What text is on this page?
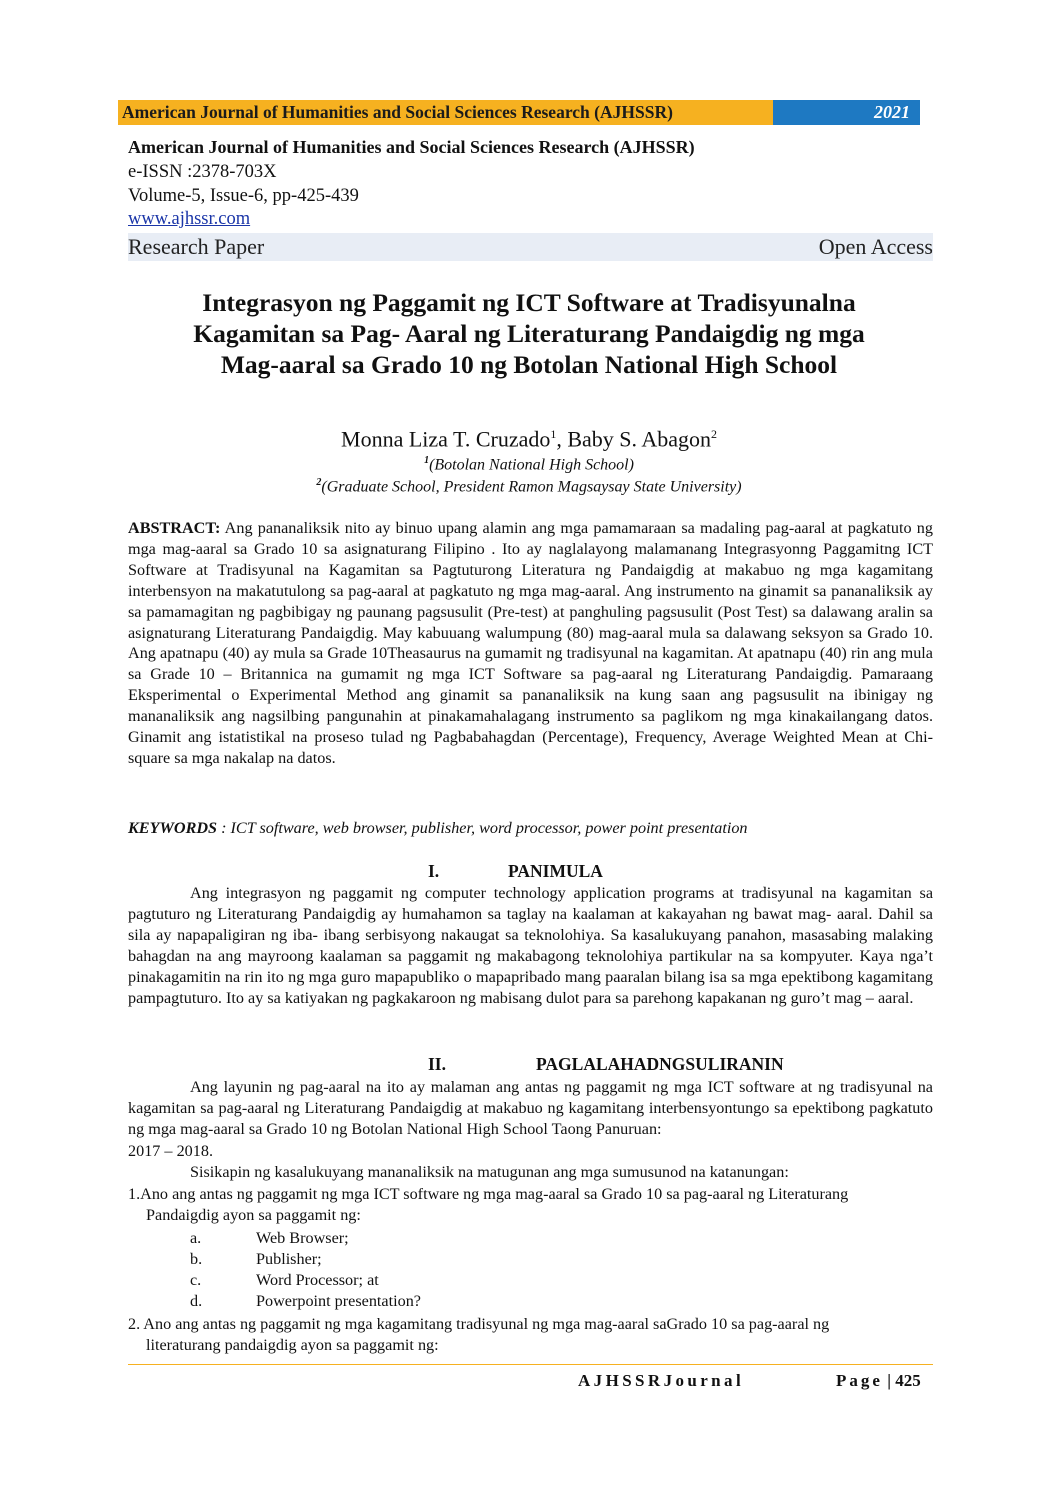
American Journal of Humanities and Social Sciences Research (AJHSSR)	2021
American Journal of Humanities and Social Sciences Research (AJHSSR)
e-ISSN :2378-703X
Volume-5, Issue-6, pp-425-439
www.ajhssr.com
Research Paper	Open Access
Integrasyon ng Paggamit ng ICT Software at Tradisyunalna
Kagamitan sa Pag- Aaral ng Literaturang Pandaigdig ng mga
Mag-aaral sa Grado 10 ng Botolan National High School
Monna Liza T. Cruzado$^1$, Baby S. Abagon$^2$
$^1$(Botolan National High School)
$^2$(Graduate School, President Ramon Magsaysay State University)
ABSTRACT: Ang pananaliksik nito ay binuo upang alamin ang mga pamamaraan sa madaling pag-aaral at pagkatuto ng mga mag-aaral sa Grado 10 sa asignaturang Filipino . Ito ay naglalayong malamanang Integrasyonng Paggamitng ICT Software at Tradisyunal na Kagamitan sa Pagtuturong Literatura ng Pandaigdig at makabuo ng mga kagamitang interbensyon na makatutulong sa pag-aaral at pagkatuto ng mga mag-aaral. Ang instrumento na ginamit sa pananaliksik ay sa pamamagitan ng pagbibigay ng paunang pagsusulit (Pre-test) at panghuling pagsusulit (Post Test) sa dalawang aralin sa asignaturang Literaturang Pandaigdig. May kabuuang walumpung (80) mag-aaral mula sa dalawang seksyon sa Grado 10. Ang apatnapu (40) ay mula sa Grade 10Theasaurus na gumamit ng tradisyunal na kagamitan. At apatnapu (40) rin ang mula sa Grade 10 – Britannica na gumamit ng mga ICT Software sa pag-aaral ng Literaturang Pandaigdig. Pamaraang Eksperimental o Experimental Method ang ginamit sa pananaliksik na kung saan ang pagsusulit na ibinigay ng mananaliksik ang nagsilbing pangunahin at pinakamahalagang instrumento sa paglikom ng mga kinakailangang datos. Ginamit ang istatistikal na proseso tulad ng Pagbabahagdan (Percentage), Frequency, Average Weighted Mean at Chi-square sa mga nakalap na datos.
KEYWORDS : ICT software, web browser, publisher, word processor, power point presentation
I.	PANIMULA
Ang integrasyon ng paggamit ng computer technology application programs at tradisyunal na kagamitan sa pagtuturo ng Literaturang Pandaigdig ay humahamon sa taglay na kaalaman at kakayahan ng bawat mag- aaral. Dahil sa sila ay napapaligiran ng iba- ibang serbisyong nakaugat sa teknolohiya. Sa kasalukuyang panahon, masasabing malaking bahagdan na ang mayroong kaalaman sa paggamit ng makabagong teknolohiya partikular na sa kompyuter. Kaya nga’t pinakagamitin na rin ito ng mga guro mapapubliko o mapapribado mang paaralan bilang isa sa mga epektibong kagamitang pampagtuturo. Ito ay sa katiyakan ng pagkakaroon ng mabisang dulot para sa parehong kapakanan ng guro’t mag – aaral.
II.	PAGLALAHADNGSULIRANIN
Ang layunin ng pag-aaral na ito ay malaman ang antas ng paggamit ng mga ICT software at ng tradisyunal na kagamitan sa pag-aaral ng Literaturang Pandaigdig at makabuo ng kagamitang interbensyontungo sa epektibong pagkatuto ng mga mag-aaral sa Grado 10 ng Botolan National High School Taong Panuruan:
2017 – 2018.
Sisikapin ng kasalukuyang mananaliksik na matugunan ang mga sumusunod na katanungan:
1.Ano ang antas ng paggamit ng mga ICT software ng mga mag-aaral sa Grado 10 sa pag-aaral ng Literaturang
Pandaigdig ayon sa paggamit ng:
a.	Web Browser;
b.	Publisher;
c.	Word Processor; at
d.	Powerpoint presentation?
2. Ano ang antas ng paggamit ng mga kagamitang tradisyunal ng mga mag-aaral saGrado 10 sa pag-aaral ng
literaturang pandaigdig ayon sa paggamit ng:
AJHSSRJournal	Page | 425
